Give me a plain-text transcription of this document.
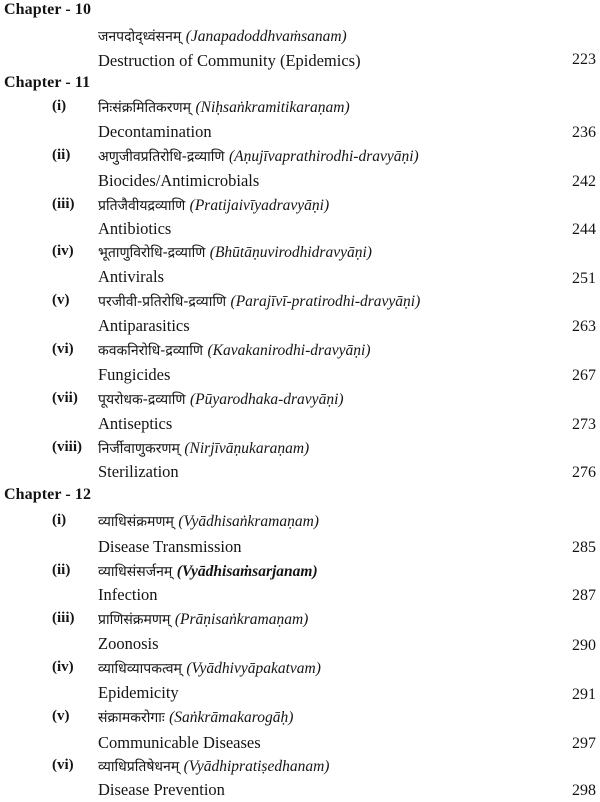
Chapter - 10
जनपदोद्ध्वंसनम् (Janapadoddhvaṁsanam)
Destruction of Community (Epidemics)	223
Chapter - 11
(i) निःसंक्रमितिकरणम् (Niḥsaṅkramitikaraṇam)
Decontamination	236
(ii) अणुजीवप्रतिरोधि-द्रव्याणि (Aṇujīvaprathirodhi-dravyāṇi)
Biocides/Antimicrobials	242
(iii) प्रतिजैवीयद्रव्याणि (Pratijaivīyadravyāṇi)
Antibiotics	244
(iv) भूताणुविरोधि-द्रव्याणि (Bhūtāṇuvirodhidravyāṇi)
Antivirals	251
(v) परजीवी-प्रतिरोधि-द्रव्याणि (Parajīvī-pratirodhi-dravyāṇi)
Antiparasitics	263
(vi) कवकनिरोधि-द्रव्याणि (Kavakanirodhi-dravyāṇi)
Fungicides	267
(vii) पूयरोधक-द्रव्याणि (Pūyarodhaka-dravyāṇi)
Antiseptics	273
(viii) निर्जीवाणुकरणम् (Nirjīvāṇukaraṇam)
Sterilization	276
Chapter - 12
(i) व्याधिसंक्रमणम् (Vyādhisaṅkramaṇam)
Disease Transmission	285
(ii) व्याधिसंसर्जनम् (Vyādhisaṁsarjanam)
Infection	287
(iii) प्राणिसंक्रमणम् (Prāṇisaṅkramaṇam)
Zoonosis	290
(iv) व्याधिव्यापकत्वम् (Vyādhivyāpakatvam)
Epidemicity	291
(v) संक्रामकरोगाः (Saṅkrāmakarogāḥ)
Communicable Diseases	297
(vi) व्याधिप्रतिषेधनम् (Vyādhipratiṣedhanam)
Disease Prevention	298
